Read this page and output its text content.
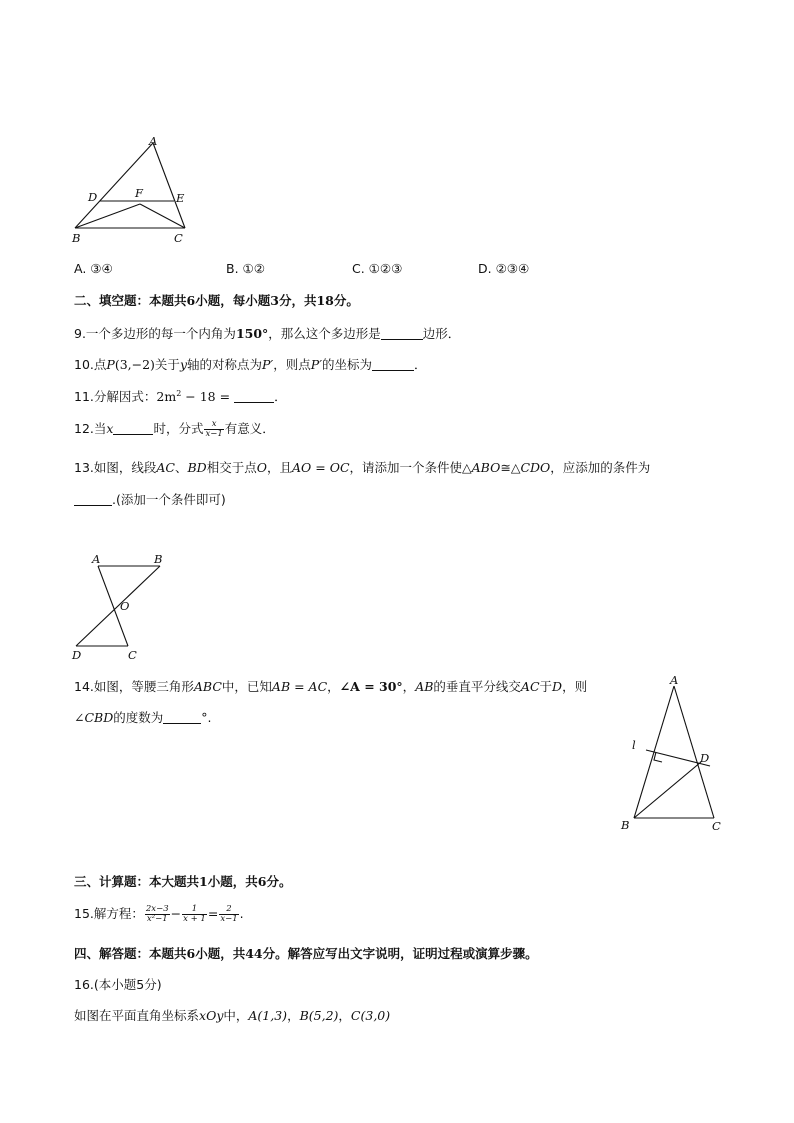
A
D	F	E
B	C
A. ③④	B. ①②	C. ①②③	D. ②③④
二、填空题：本题共6小题，每小题3分，共18分。
9.一个多边形的每一个内角为150°，那么这个多边形是	边形．
10.点P(3,−2)关于y轴的对称点为P′，则点P′的坐标为	．
11.分解因式：$2m^2 - 18$ =	．
12.当x	时，分式 $\frac{x}{x-1}$ 有意义．
13.如图，线段AC、BD相交于点O，且AO = OC，请添加一个条件使△ABO≅△CDO，应添加的条件为
.(添加一个条件即可)
A	B
O
D	C
14.如图，等腰三角形ABC中，已知AB = AC，∠A = 30°，AB的垂直平分线交AC于D，则
∠CBD的度数为	°.
A
l
D
B	C
三、计算题：本大题共1小题，共6分。
15.解方程： $\frac{2x-3}{\text{x²−1}} - \frac{1}{x + 1} = \frac{2}{x-1}$ .
四、解答题：本题共6小题，共44分。解答应写出文字说明，证明过程或演算步骤。
16.(本小题5分)
如图在平面直角坐标系xOy中，A(1,3)，B(5,2)，C(3,0)
